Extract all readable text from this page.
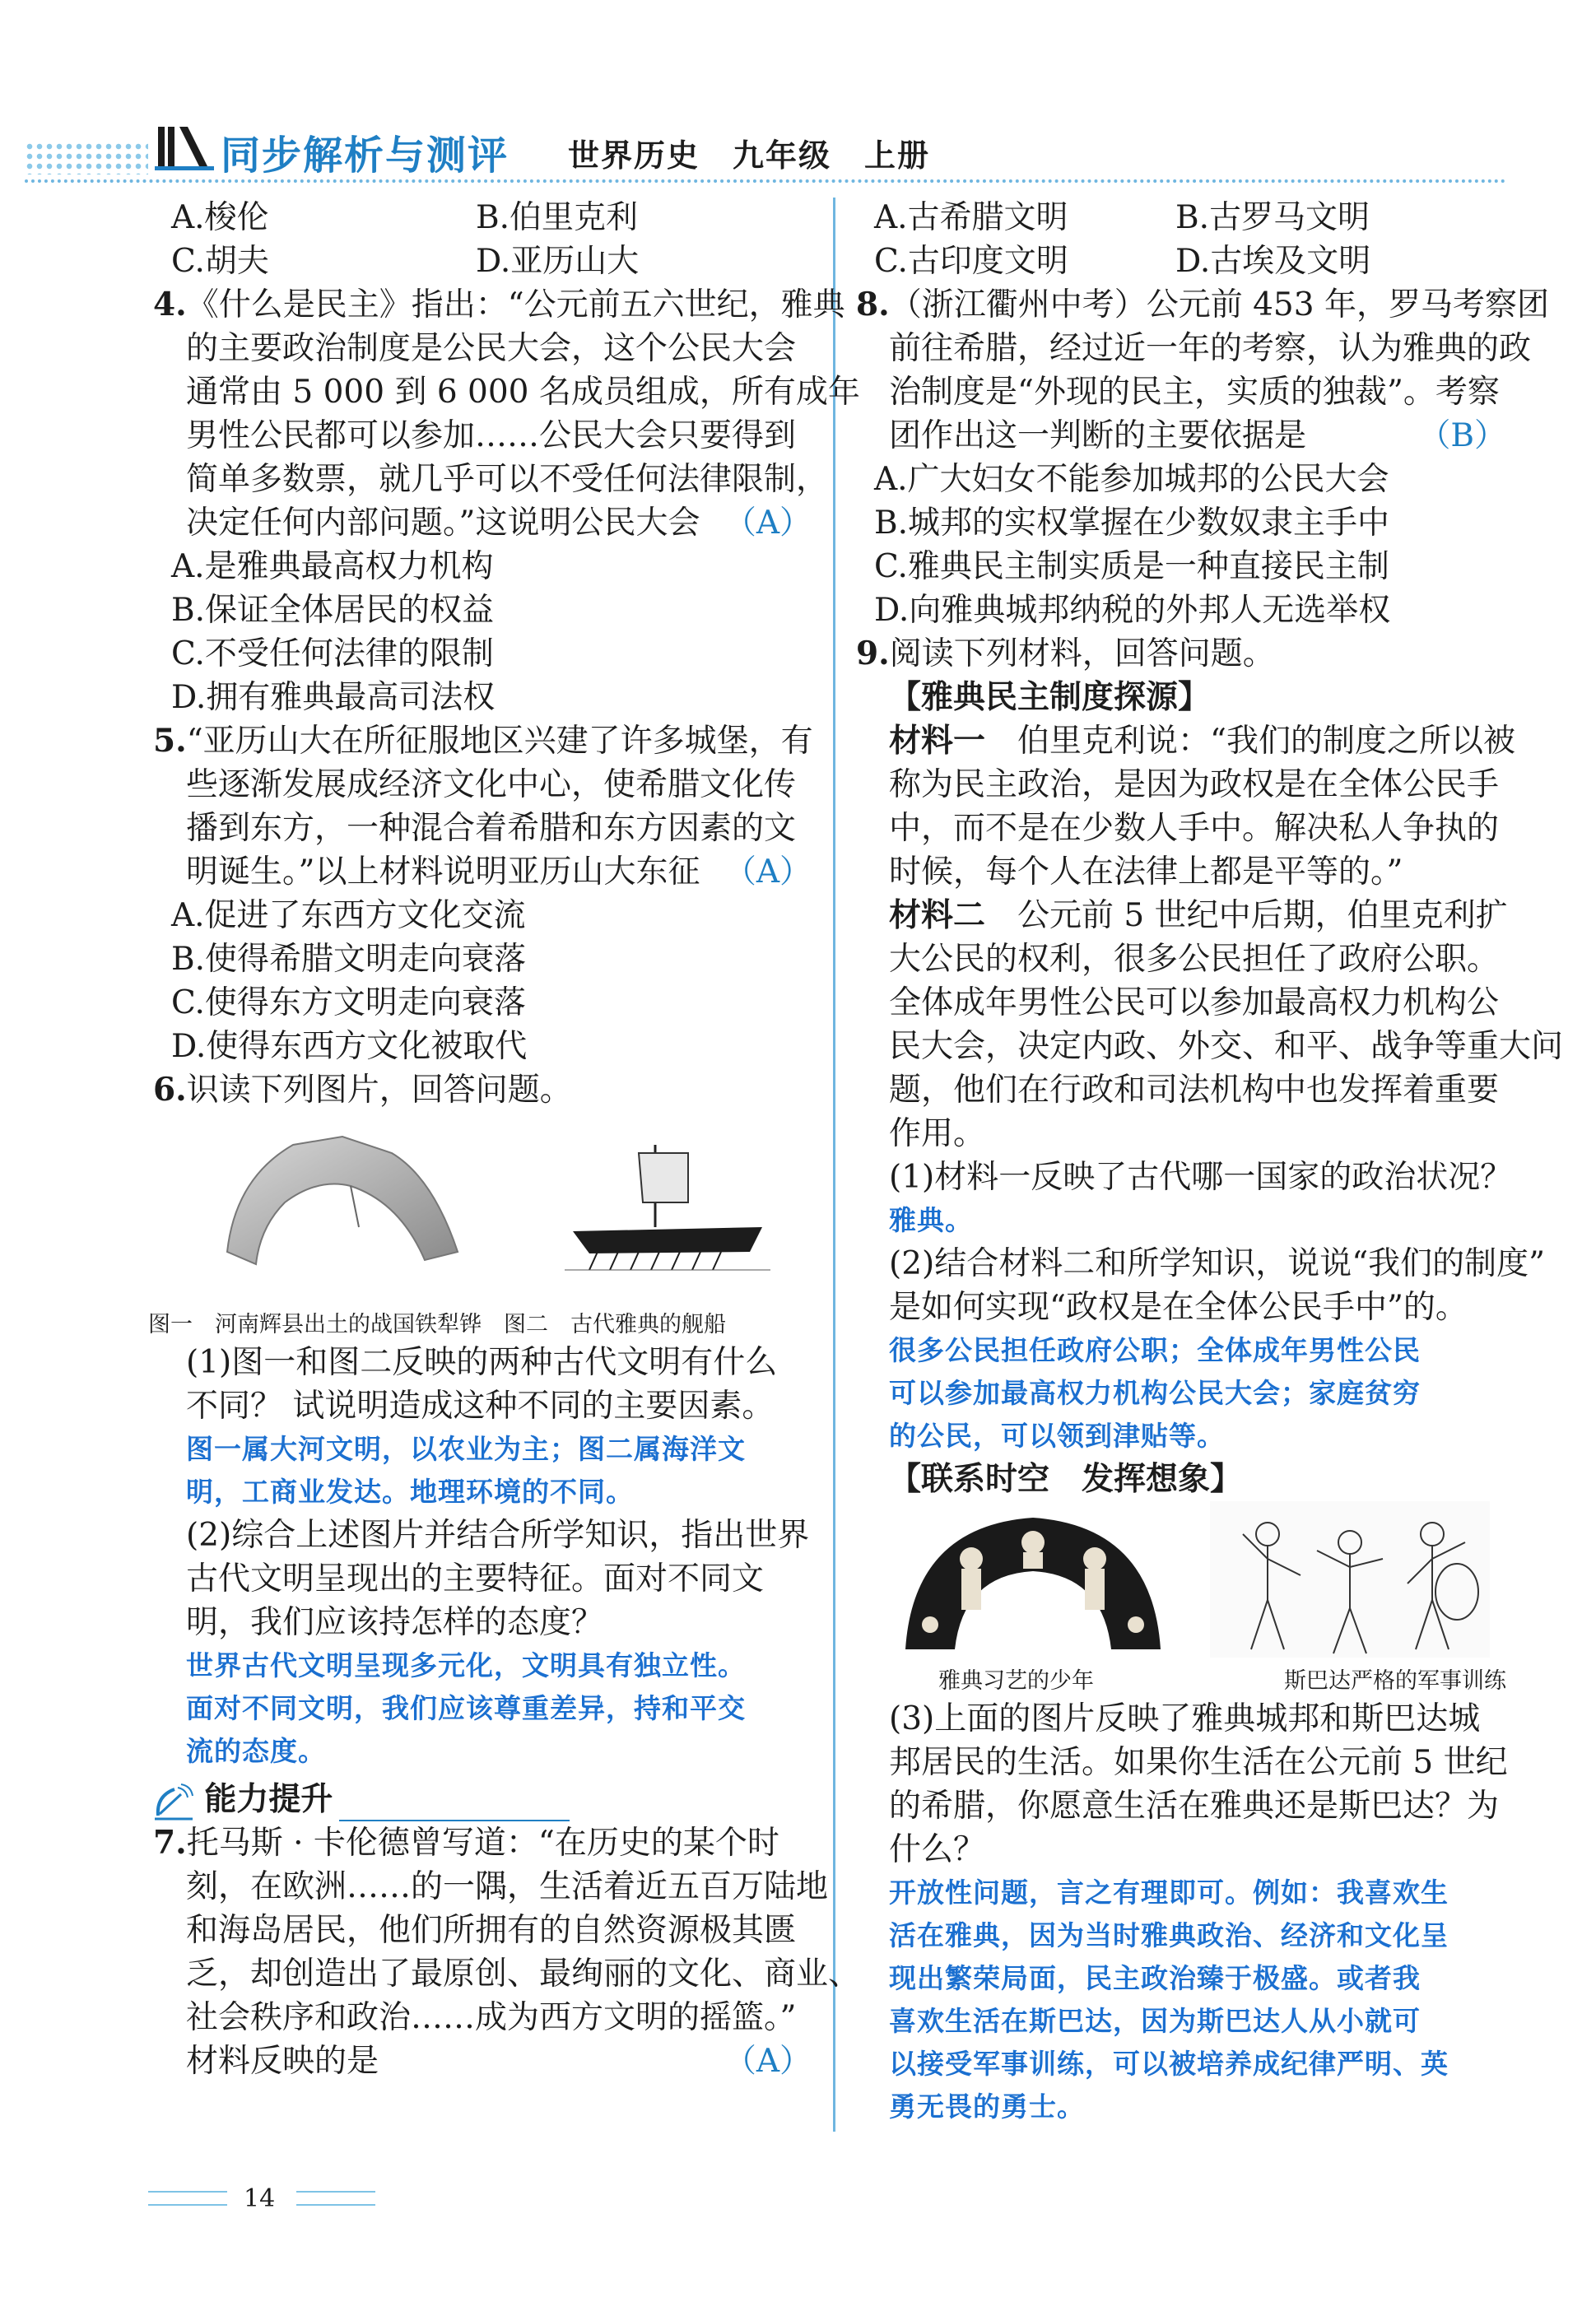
同步解析与测评 世界历史　九年级　上册
A.梭伦	B.伯里克利
C.胡夫	D.亚历山大

4.《什么是民主》指出：“公元前五六世纪，雅典

的主要政治制度是公民大会，这个公民大会

通常由 5 000 到 6 000 名成员组成，所有成年

男性公民都可以参加……公民大会只要得到

简单多数票，就几乎可以不受任何法律限制，

决定任何内部问题。”这说明公民大会 （A）

A.是雅典最高权力机构

B.保证全体居民的权益

C.不受任何法律的限制

D.拥有雅典最高司法权

5.“亚历山大在所征服地区兴建了许多城堡，有

些逐渐发展成经济文化中心，使希腊文化传

播到东方，一种混合着希腊和东方因素的文

明诞生。”以上材料说明亚历山大东征 （A）

A.促进了东西方文化交流

B.使得希腊文明走向衰落

C.使得东方文明走向衰落

D.使得东西方文化被取代

6.识读下列图片，回答问题。

图一　河南辉县出土的战国铁犁铧　图二　古代雅典的舰船

(1)图一和图二反映的两种古代文明有什么

不同？ 试说明造成这种不同的主要因素。

图一属大河文明，以农业为主；图二属海洋文

明，工商业发达。地理环境的不同。

(2)综合上述图片并结合所学知识，指出世界

古代文明呈现出的主要特征。面对不同文

明，我们应该持怎样的态度？

世界古代文明呈现多元化，文明具有独立性。

面对不同文明，我们应该尊重差异，持和平交

流的态度。

能力提升

7.托马斯 · 卡伦德曾写道：“在历史的某个时

刻，在欧洲……的一隅，生活着近五百万陆地

和海岛居民，他们所拥有的自然资源极其匮

乏，却创造出了最原创、最绚丽的文化、商业、

社会秩序和政治……成为西方文明的摇篮。”

材料反映的是	（A）

A.古希腊文明	B.古罗马文明
C.古印度文明	D.古埃及文明

8.（浙江衢州中考）公元前 453 年，罗马考察团

前往希腊，经过近一年的考察，认为雅典的政

治制度是“外现的民主，实质的独裁”。考察

团作出这一判断的主要依据是	（B）

A.广大妇女不能参加城邦的公民大会

B.城邦的实权掌握在少数奴隶主手中

C.雅典民主制实质是一种直接民主制

D.向雅典城邦纳税的外邦人无选举权

9.阅读下列材料，回答问题。

【雅典民主制度探源】

材料一　 伯里克利说：“我们的制度之所以被

称为民主政治，是因为政权是在全体公民手

中，而不是在少数人手中。解决私人争执的

时候，每个人在法律上都是平等的。”

材料二　 公元前 5 世纪中后期，伯里克利扩

大公民的权利，很多公民担任了政府公职。

全体成年男性公民可以参加最高权力机构公

民大会，决定内政、外交、和平、战争等重大问

题，他们在行政和司法机构中也发挥着重要

作用。

(1)材料一反映了古代哪一国家的政治状况？

雅典。

(2)结合材料二和所学知识，说说“我们的制度”

是如何实现“政权是在全体公民手中”的。

很多公民担任政府公职；全体成年男性公民

可以参加最高权力机构公民大会；家庭贫穷

的公民，可以领到津贴等。

【联系时空　发挥想象】

雅典习艺的少年	斯巴达严格的军事训练

(3)上面的图片反映了雅典城邦和斯巴达城

邦居民的生活。如果你生活在公元前 5 世纪

的希腊，你愿意生活在雅典还是斯巴达？为

什么？

开放性问题，言之有理即可。例如：我喜欢生

活在雅典，因为当时雅典政治、经济和文化呈

现出繁荣局面，民主政治臻于极盛。或者我

喜欢生活在斯巴达，因为斯巴达人从小就可

以接受军事训练，可以被培养成纪律严明、英

勇无畏的勇士。

14
